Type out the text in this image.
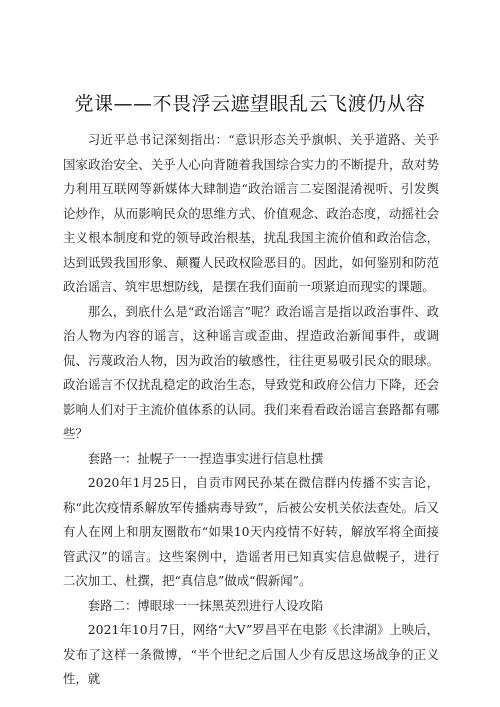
党课——不畏浮云遮望眼乱云飞渡仍从容

习近平总书记深刻指出：“意识形态关乎旗帜、关乎道路、关乎国家政治安全、关乎人心向背随着我国综合实力的不断提升，敌对势力利用互联网等新媒体大肆制造“政治谣言二妄图混淆视听、引发舆论炒作，从而影响民众的思维方式、价值观念、政治态度，动摇社会主义根本制度和党的领导政治根基，扰乱我国主流价值和政治信念，达到诋毁我国形象、颠覆人民政权险恶目的。因此，如何鉴别和防范政治谣言、筑牢思想防线，是摆在我们面前一项紧迫而现实的课题。

那么，到底什么是“政治谣言”呢？政治谣言是指以政治事件、政治人物为内容的谣言，这种谣言或歪曲、捏造政治新闻事件，或调侃、污蔑政治人物，因为政治的敏感性，往往更易吸引民众的眼球。政治谣言不仅扰乱稳定的政治生态，导致党和政府公信力下降，还会影响人们对于主流价值体系的认同。我们来看看政治谣言套路都有哪些？

套路一：扯幌子一一捏造事实进行信息杜撰

2020年1月25日，自贡市网民孙某在微信群内传播不实言论，称“此次疫情系解放军传播病毒导致”，后被公安机关依法查处。后又有人在网上和朋友圈散布“如果10天内疫情不好转，解放军将全面接管武汉”的谣言。这些案例中，造谣者用已知真实信息做幌子，进行二次加工、杜撰，把“真信息”做成“假新闻”。

套路二：博眼球一一抹黑英烈进行人设攻陷

2021年10月7日，网络“大V”罗昌平在电影《长津湖》上映后，发布了这样一条微博，“半个世纪之后国人少有反思这场战争的正义性，就
